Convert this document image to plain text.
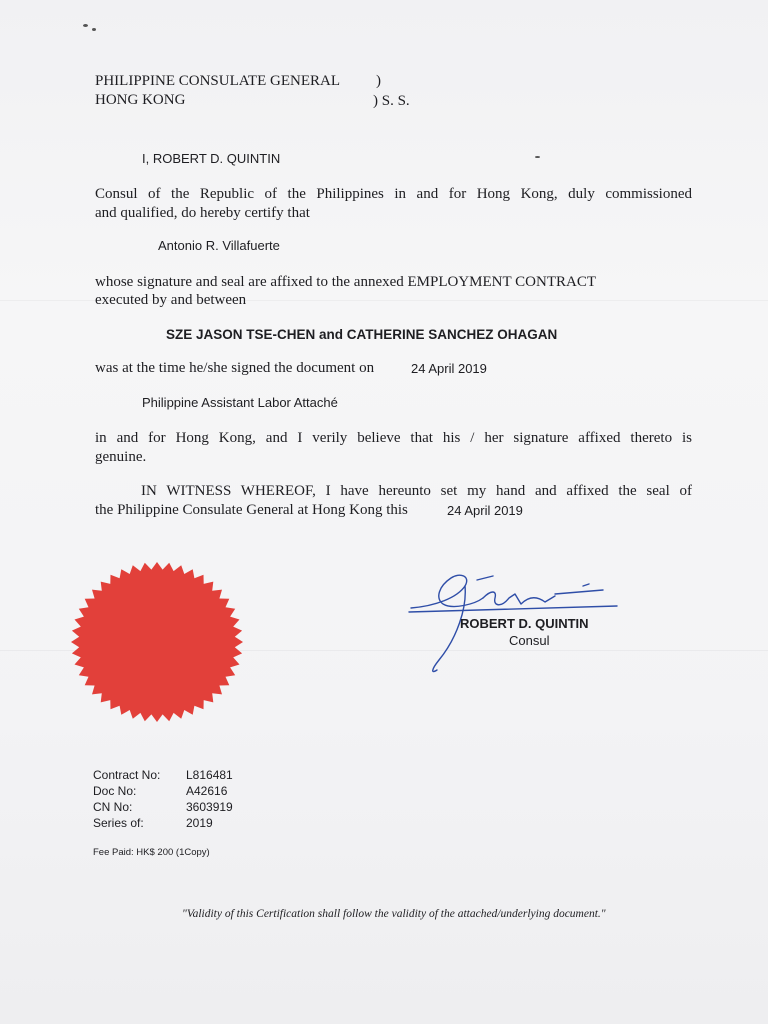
PHILIPPINE CONSULATE GENERAL )
HONG KONG	) S. S.
I, ROBERT D. QUINTIN
Consul of the Republic of the Philippines in and for Hong Kong, duly commissioned
and qualified, do hereby certify that
Antonio R. Villafuerte
whose signature and seal are affixed to the annexed EMPLOYMENT CONTRACT
executed by and between
SZE JASON TSE-CHEN and CATHERINE SANCHEZ OHAGAN
was at the time he/she signed the document on	24 April 2019
Philippine Assistant Labor Attaché
in and for Hong Kong, and I verily believe that his / her signature affixed thereto is
genuine.
IN WITNESS WHEREOF, I have hereunto set my hand and affixed the seal of
the Philippine Consulate General at Hong Kong this	24 April 2019
ROBERT D. QUINTIN
Consul
Contract No: L816481
Doc No:	A42616
CN No:	3603919
Series of:	2019
Fee Paid: HK$ 200 (1Copy)
"Validity of this Certification shall follow the validity of the attached/underlying document."
